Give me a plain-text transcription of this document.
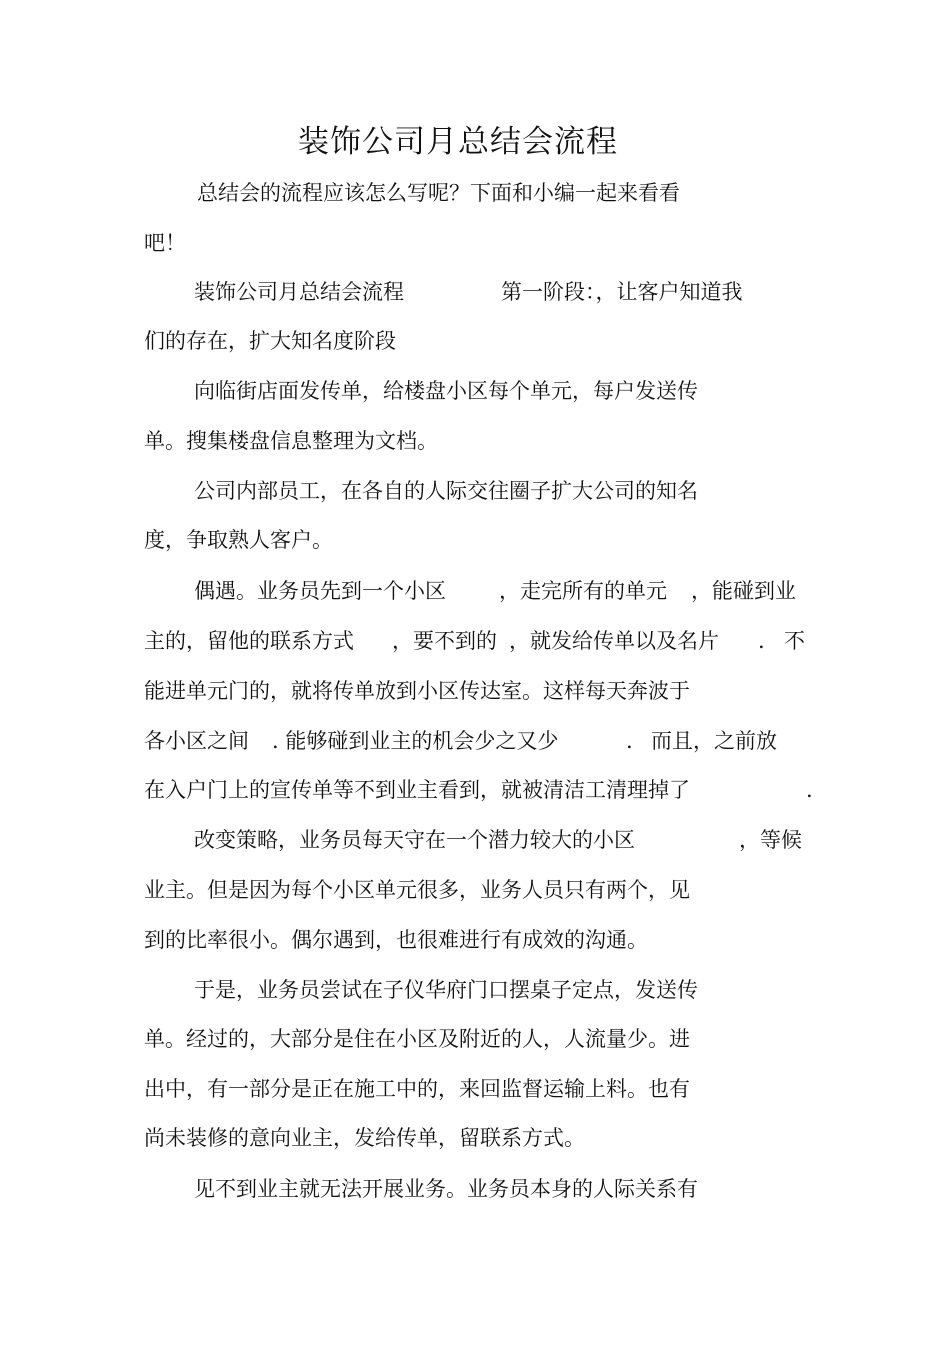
装饰公司月总结会流程
总结会的流程应该怎么写呢？下面和小编一起来看看
吧！
装饰公司月总结会流程	第一阶段：，让客户知道我
们的存在，扩大知名度阶段
向临街店面发传单，给楼盘小区每个单元，每户发送传
单。搜集楼盘信息整理为文档。
公司内部员工，在各自的人际交往圈子扩大公司的知名
度，争取熟人客户。
偶遇。业务员先到一个小区	，走完所有的单元 ，能碰到业
主的，留他的联系方式 ，要不到的 ，就发给传单以及名片 . 不
能进单元门的，就将传单放到小区传达室。这样每天奔波于
各小区之间 . 能够碰到业主的机会少之又少	. 而且，之前放
在入户门上的宣传单等不到业主看到，就被清洁工清理掉了	.
改变策略，业务员每天守在一个潜力较大的小区	，等候
业主。但是因为每个小区单元很多，业务人员只有两个，见
到的比率很小。偶尔遇到，也很难进行有成效的沟通。
于是，业务员尝试在子仪华府门口摆桌子定点，发送传
单。经过的，大部分是住在小区及附近的人，人流量少。进
出中，有一部分是正在施工中的，来回监督运输上料。也有
尚未装修的意向业主，发给传单，留联系方式。
见不到业主就无法开展业务。业务员本身的人际关系有
